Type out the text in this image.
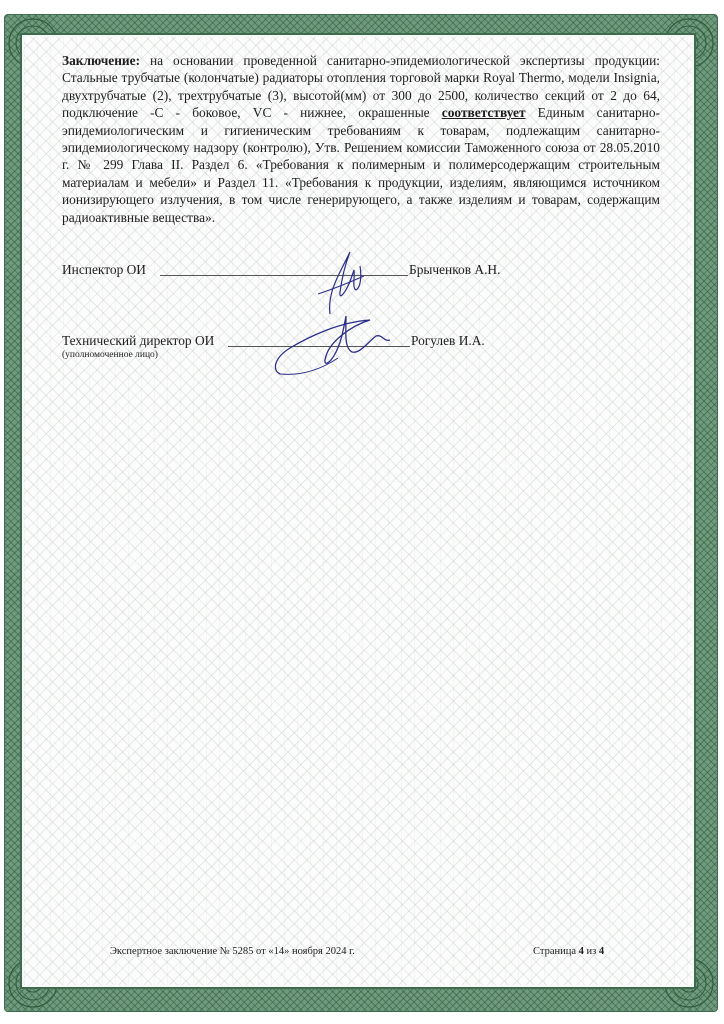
Заключение: на основании проведенной санитарно-эпидемиологической экспертизы продукции: Стальные трубчатые (колончатые) радиаторы отопления торговой марки Royal Thermo, модели Insignia, двухтрубчатые (2), трехтрубчатые (3), высотой(мм) от 300 до 2500, количество секций от 2 до 64, подключение -C - боковое, VC - нижнее, окрашенные соответствует Единым санитарно-эпидемиологическим и гигиеническим требованиям к товарам, подлежащим санитарно-эпидемиологическому надзору (контролю), Утв. Решением комиссии Таможенного союза от 28.05.2010 г. № 299 Глава II. Раздел 6. «Требования к полимерным и полимерсодержащим строительным материалам и мебели» и Раздел 11. «Требования к продукции, изделиям, являющимся источником ионизирующего излучения, в том числе генерирующего, а также изделиям и товарам, содержащим радиоактивные вещества».
Инспектор ОИ	Брыченков А.Н.
Технический директор ОИ	Рогулев И.А.
(уполномоченное лицо)
Экспертное заключение № 5285 от «14» ноября 2024 г.	Страница 4 из 4
